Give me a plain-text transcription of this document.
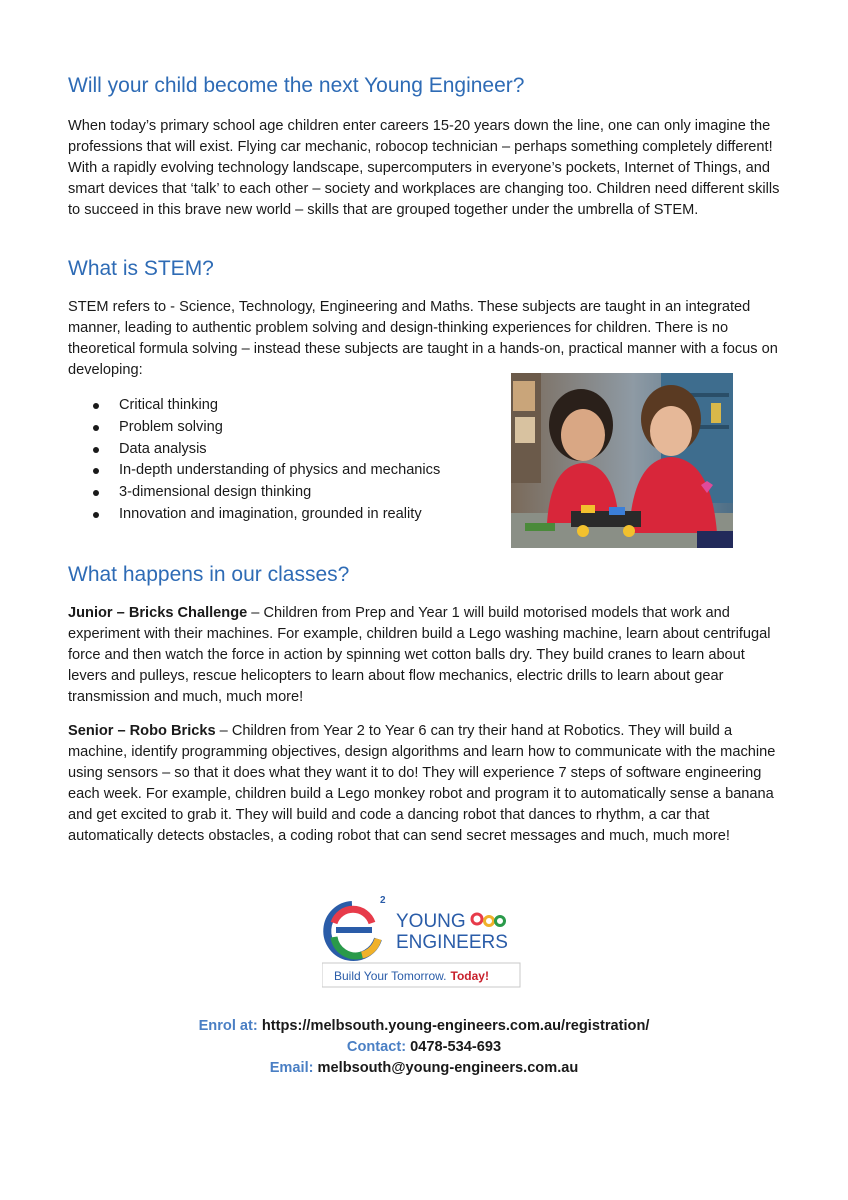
Will your child become the next Young Engineer?

When today’s primary school age children enter careers 15-20 years down the line, one can only imagine the professions that will exist. Flying car mechanic, robocop technician – perhaps something completely different! With a rapidly evolving technology landscape, supercomputers in everyone’s pockets, Internet of Things, and smart devices that ‘talk’ to each other – society and workplaces are changing too. Children need different skills to succeed in this brave new world – skills that are grouped together under the umbrella of STEM.

What is STEM?

STEM refers to - Science, Technology, Engineering and Maths. These subjects are taught in an integrated manner, leading to authentic problem solving and design-thinking experiences for children. There is no theoretical formula solving – instead these subjects are taught in a hands-on, practical manner with a focus on developing:

Critical thinking
Problem solving
Data analysis
In-depth understanding of physics and mechanics
3-dimensional design thinking
Innovation and imagination, grounded in reality
What happens in our classes?

Junior – Bricks Challenge – Children from Prep and Year 1 will build motorised models that work and experiment with their machines. For example, children build a Lego washing machine, learn about centrifugal force and then watch the force in action by spinning wet cotton balls dry. They build cranes to learn about levers and pulleys, rescue helicopters to learn about flow mechanics, electric drills to learn about gear transmission and much, much more!

Senior – Robo Bricks – Children from Year 2 to Year 6 can try their hand at Robotics. They will build a machine, identify programming objectives, design algorithms and learn how to communicate with the machine using sensors – so that it does what they want it to do! They will experience 7 steps of software engineering each week. For example, children build a Lego monkey robot and program it to automatically sense a banana and get excited to grab it. They will build and code a dancing robot that dances to rhythm, a car that automatically detects obstacles, a coding robot that can send secret messages and much, much more!

2
YOUNG
ENGINEERS
Build Your Tomorrow. Today!
Enrol at: https://melbsouth.young-engineers.com.au/registration/
Contact: 0478-534-693
Email: melbsouth@young-engineers.com.au
